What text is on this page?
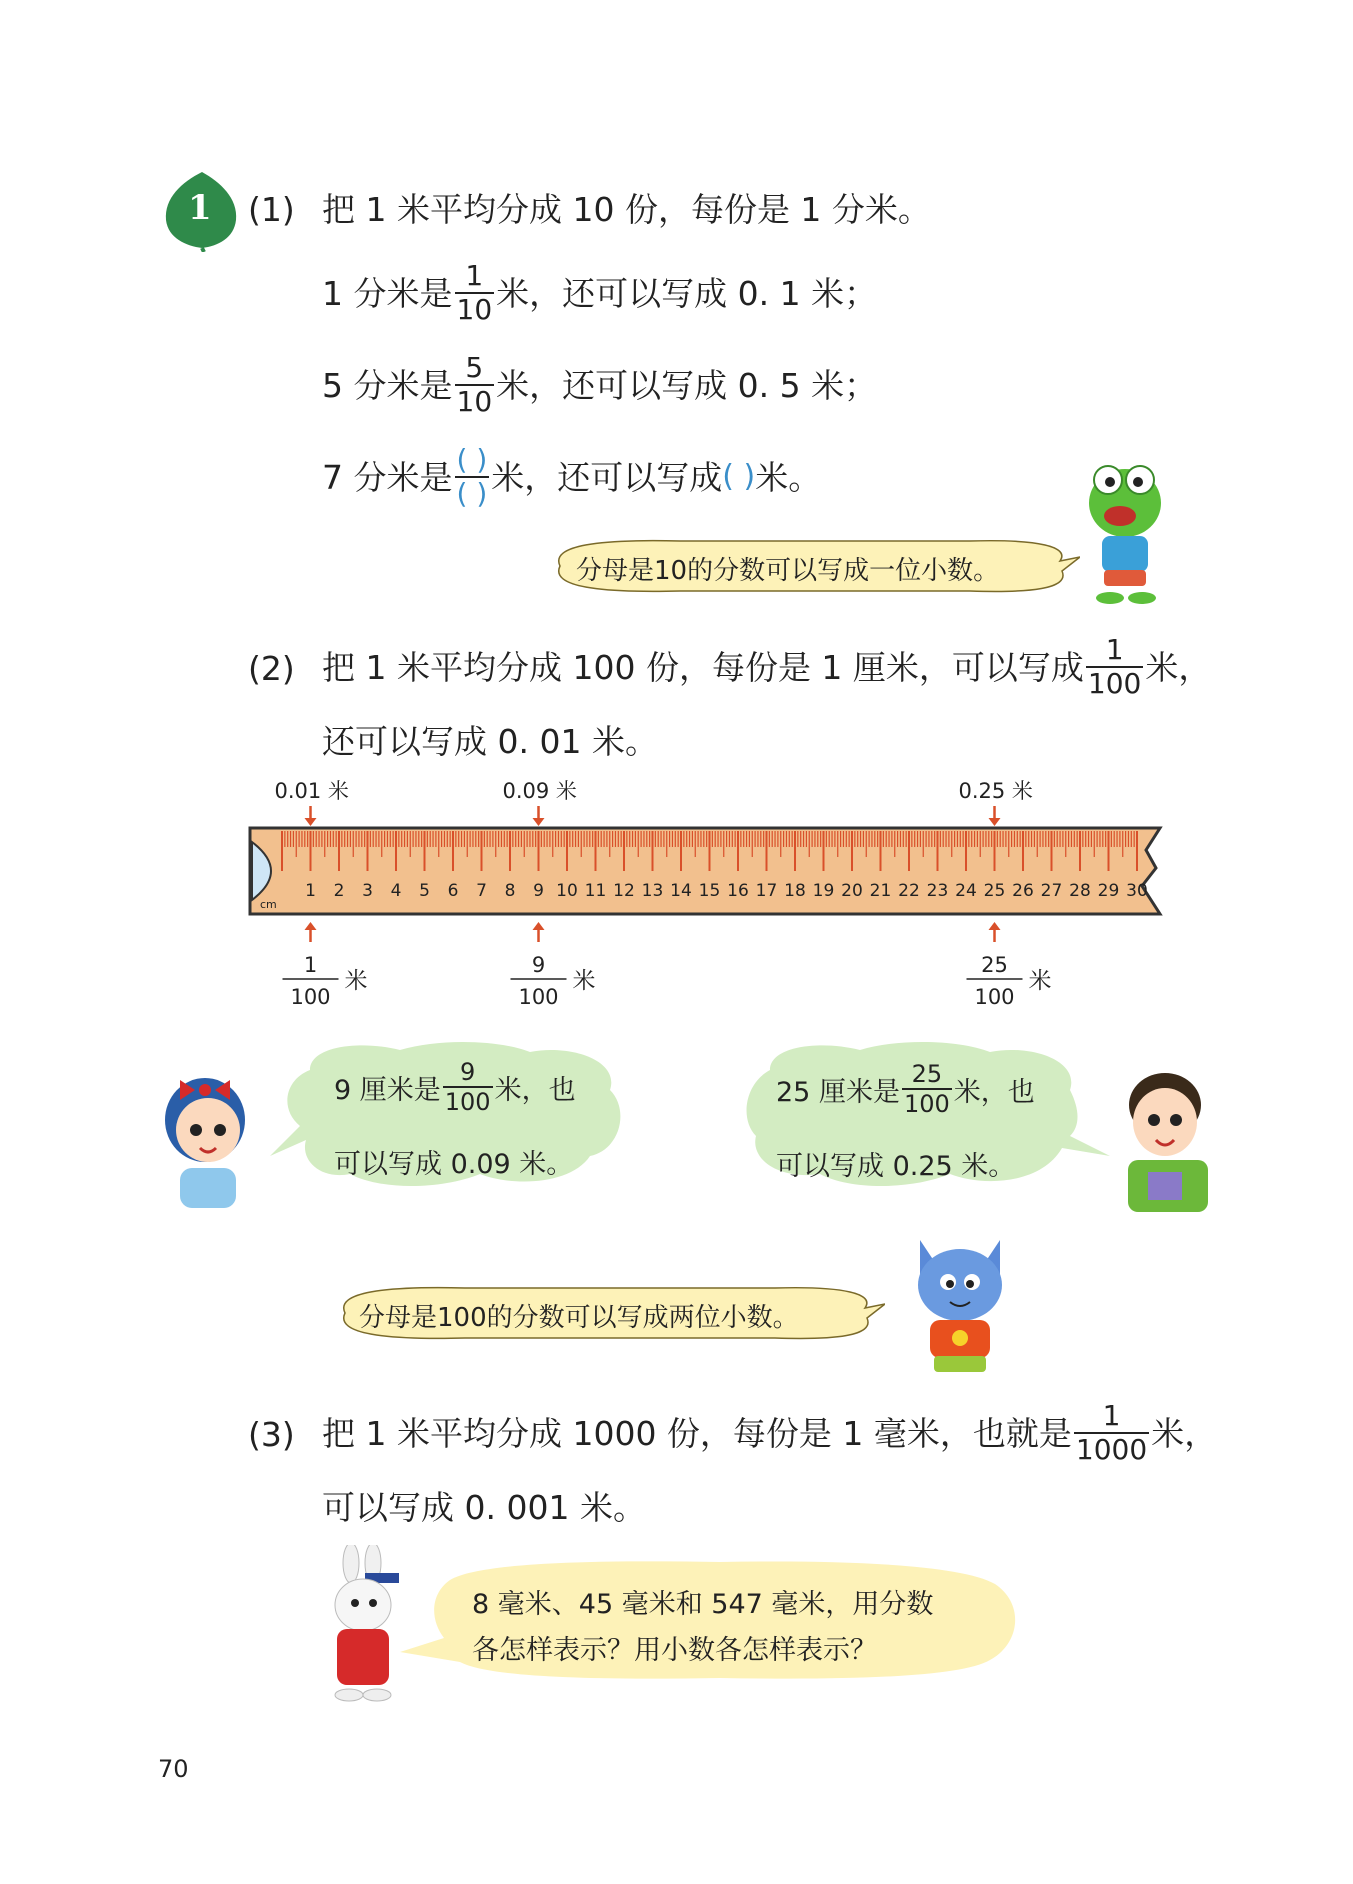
1 (1) 把 1 米平均分成 10 份，每份是 1 分米。
1 分米是 $\frac{1}{10}$ 米，还可以写成 0. 1 米；
5 分米是 $\frac{5}{10}$ 米，还可以写成 0. 5 米；
7 分米是 $\frac{( )}{( )}$ 米，还可以写成 ( ) 米。
分母是10的分数可以写成一位小数。
(2) 把 1 米平均分成 100 份，每份是 1 厘米，可以写成 $\frac{1}{100}$ 米，
还可以写成 0. 01 米。
1 2 3 4 5 6 7 8 9 10 11 12 13 14 15 16 17 18 19 20 21 22 23 24 25 26 27 28 29 30
cm
0.01 米	0.09 米	0.25 米
1
100
米
9
100
米
25
100
米
9 厘米是 $\frac{9}{100}$ 米，也
可以写成 0.09 米。
25 厘米是 $\frac{25}{100}$ 米，也
可以写成 0.25 米。
分母是100的分数可以写成两位小数。
(3) 把 1 米平均分成 1000 份，每份是 1 毫米，也就是 $\frac{1}{1000}$ 米，
可以写成 0. 001 米。
8 毫米、45 毫米和 547 毫米，用分数
各怎样表示？用小数各怎样表示？
70
